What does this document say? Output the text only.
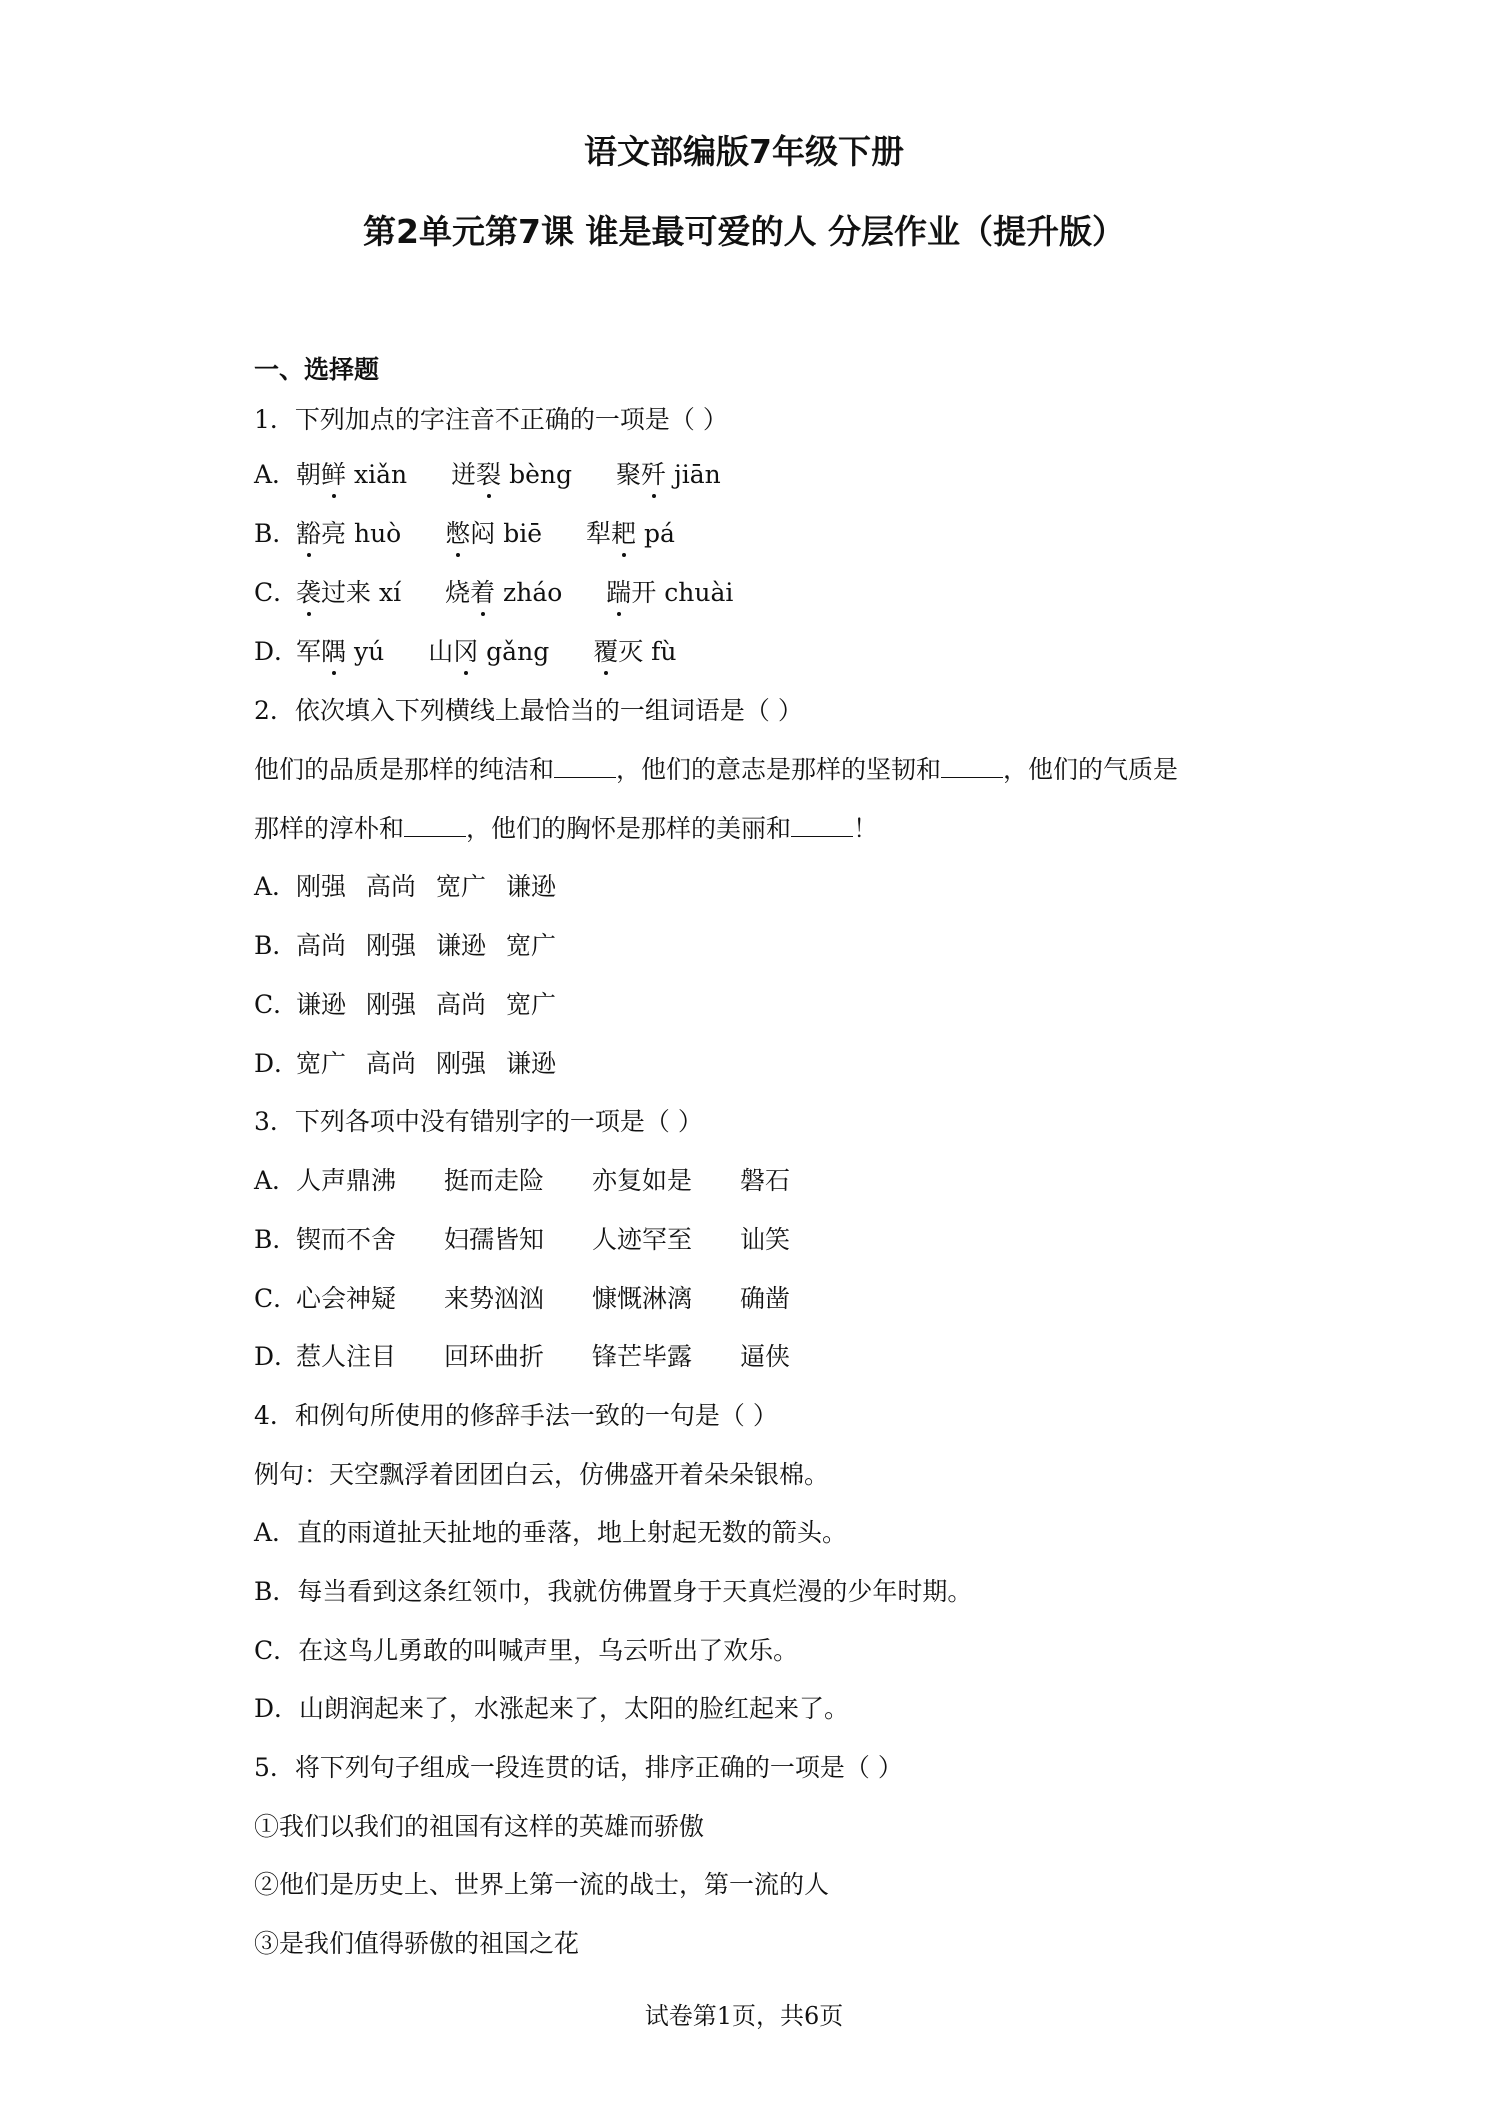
语文部编版7年级下册
第2单元第7课 谁是最可爱的人 分层作业（提升版）
一、选择题
1．下列加点的字注音不正确的一项是（ ）
A．朝鲜 xiǎn 迸裂 bèng 聚歼 jiān
B．豁亮 huò 憋闷 biē 犁耙 pá
C．袭过来 xí 烧着 zháo 踹开 chuài
D．军隅 yú 山冈 gǎng 覆灭 fù
2．依次填入下列横线上最恰当的一组词语是（ ）
他们的品质是那样的纯洁和 ，他们的意志是那样的坚韧和 ，他们的气质是
那样的淳朴和 ，他们的胸怀是那样的美丽和 ！
A．刚强 高尚 宽广 谦逊
B．高尚 刚强 谦逊 宽广
C．谦逊 刚强 高尚 宽广
D．宽广 高尚 刚强 谦逊
3．下列各项中没有错别字的一项是（ ）
A．人声鼎沸 挺而走险 亦复如是 磐石
B．锲而不舍 妇孺皆知 人迹罕至 讪笑
C．心会神疑 来势汹汹 慷慨淋漓 确凿
D．惹人注目 回环曲折 锋芒毕露 逼侠
4．和例句所使用的修辞手法一致的一句是（ ）
例句：天空飘浮着团团白云，仿佛盛开着朵朵银棉。
A．直的雨道扯天扯地的垂落，地上射起无数的箭头。
B．每当看到这条红领巾，我就仿佛置身于天真烂漫的少年时期。
C．在这鸟儿勇敢的叫喊声里，乌云听出了欢乐。
D．山朗润起来了，水涨起来了，太阳的脸红起来了。
5．将下列句子组成一段连贯的话，排序正确的一项是（ ）
①我们以我们的祖国有这样的英雄而骄傲
②他们是历史上、世界上第一流的战士，第一流的人
③是我们值得骄傲的祖国之花
试卷第1页，共6页
